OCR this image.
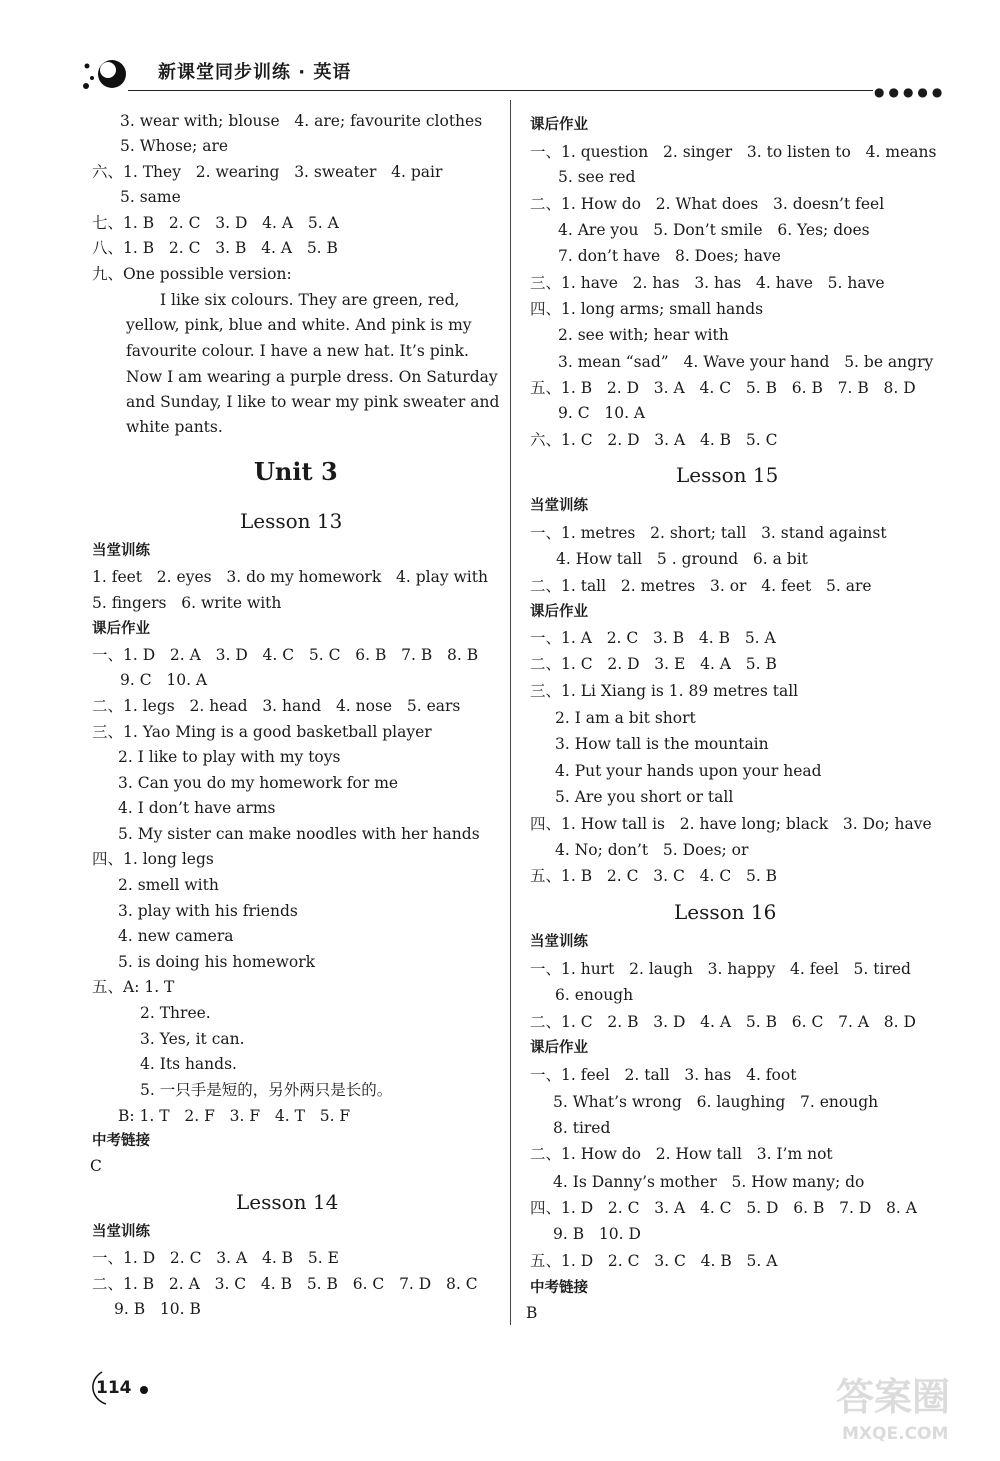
新课堂同步训练 · 英语
●●●●●
3. wear with; blouse   4. are; favourite clothes
5. Whose; are
六、1. They   2. wearing   3. sweater   4. pair
5. same
七、1. B   2. C   3. D   4. A   5. A
八、1. B   2. C   3. B   4. A   5. B
九、One possible version:
I like six colours. They are green, red,
yellow, pink, blue and white. And pink is my
favourite colour. I have a new hat. It’s pink.
Now I am wearing a purple dress. On Saturday
and Sunday, I like to wear my pink sweater and
white pants.
Unit 3
Lesson 13
当堂训练
1. feet   2. eyes   3. do my homework   4. play with
5. fingers   6. write with
课后作业
一、1. D   2. A   3. D   4. C   5. C   6. B   7. B   8. B
9. C   10. A
二、1. legs   2. head   3. hand   4. nose   5. ears
三、1. Yao Ming is a good basketball player
2. I like to play with my toys
3. Can you do my homework for me
4. I don’t have arms
5. My sister can make noodles with her hands
四、1. long legs
2. smell with
3. play with his friends
4. new camera
5. is doing his homework
五、A: 1. T
2. Three.
3. Yes, it can.
4. Its hands.
5. 一只手是短的，另外两只是长的。
B: 1. T   2. F   3. F   4. T   5. F
中考链接
C
Lesson 14
当堂训练
一、1. D   2. C   3. A   4. B   5. E
二、1. B   2. A   3. C   4. B   5. B   6. C   7. D   8. C
9. B   10. B
课后作业
一、1. question   2. singer   3. to listen to   4. means
5. see red
二、1. How do   2. What does   3. doesn’t feel
4. Are you   5. Don’t smile   6. Yes; does
7. don’t have   8. Does; have
三、1. have   2. has   3. has   4. have   5. have
四、1. long arms; small hands
2. see with; hear with
3. mean “sad”   4. Wave your hand   5. be angry
五、1. B   2. D   3. A   4. C   5. B   6. B   7. B   8. D
9. C   10. A
六、1. C   2. D   3. A   4. B   5. C
Lesson 15
当堂训练
一、1. metres   2. short; tall   3. stand against
4. How tall   5 . ground   6. a bit
二、1. tall   2. metres   3. or   4. feet   5. are
课后作业
一、1. A   2. C   3. B   4. B   5. A
二、1. C   2. D   3. E   4. A   5. B
三、1. Li Xiang is 1. 89 metres tall
2. I am a bit short
3. How tall is the mountain
4. Put your hands upon your head
5. Are you short or tall
四、1. How tall is   2. have long; black   3. Do; have
4. No; don’t   5. Does; or
五、1. B   2. C   3. C   4. C   5. B
Lesson 16
当堂训练
一、1. hurt   2. laugh   3. happy   4. feel   5. tired
6. enough
二、1. C   2. B   3. D   4. A   5. B   6. C   7. A   8. D
课后作业
一、1. feel   2. tall   3. has   4. foot
5. What’s wrong   6. laughing   7. enough
8. tired
二、1. How do   2. How tall   3. I’m not
4. Is Danny’s mother   5. How many; do
四、1. D   2. C   3. A   4. C   5. D   6. B   7. D   8. A
9. B   10. D
五、1. D   2. C   3. C   4. B   5. A
中考链接
B
114	答案圈
MXQE.COM
